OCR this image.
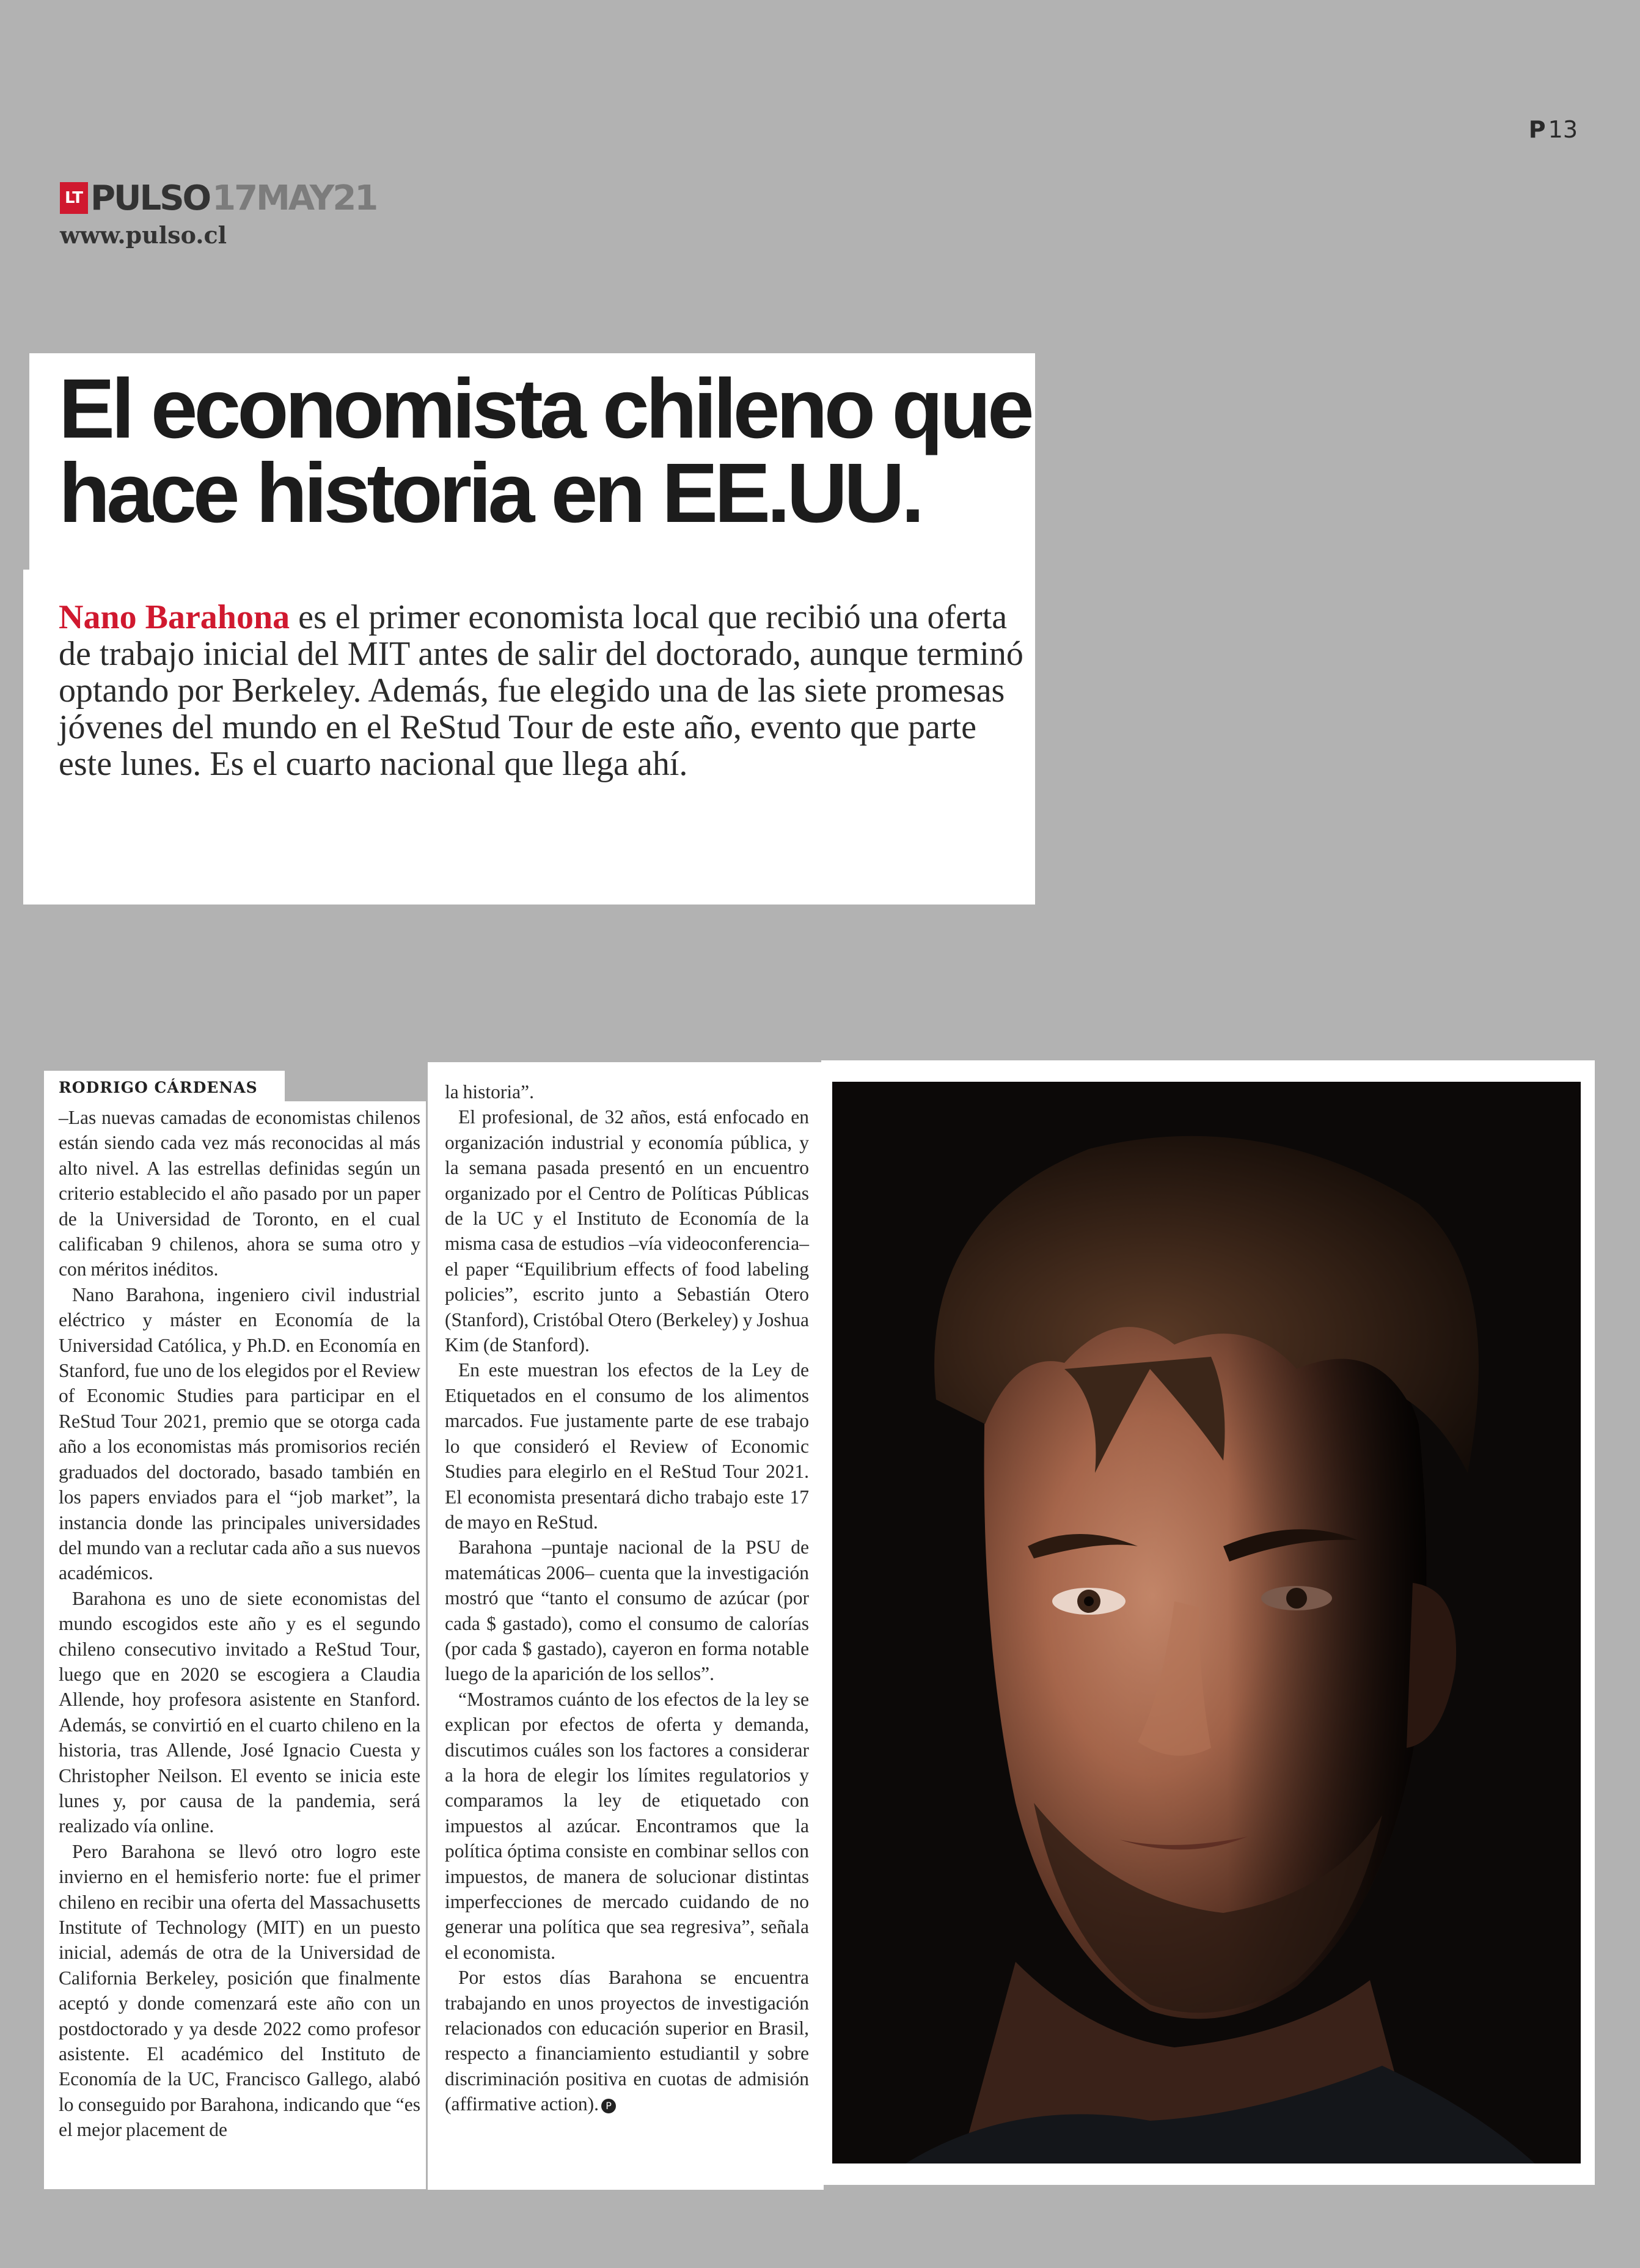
P 13
LT PULSO 17MAY21
www.pulso.cl
El economista chileno que
hace historia en EE.UU.

Nano Barahona es el primer economista local que recibió una oferta de trabajo inicial del MIT antes de salir del doctorado, aunque terminó optando por Berkeley. Además, fue elegido una de las siete promesas jóvenes del mundo en el ReStud Tour de este año, evento que parte este lunes. Es el cuarto nacional que llega ahí.

RODRIGO CÁRDENAS

–Las nuevas camadas de economistas chilenos están siendo cada vez más reconocidas al más alto nivel. A las estrellas definidas según un criterio establecido el año pasado por un paper de la Universidad de Toronto, en el cual calificaban 9 chilenos, ahora se suma otro y con méritos inéditos.

Nano Barahona, ingeniero civil industrial eléctrico y máster en Economía de la Universidad Católica, y Ph.D. en Economía en Stanford, fue uno de los elegidos por el Review of Economic Studies para participar en el ReStud Tour 2021, premio que se otorga cada año a los economistas más promisorios recién graduados del doctorado, basado también en los papers enviados para el “job market”, la instancia donde las principales universidades del mundo van a reclutar cada año a sus nuevos académicos.

Barahona es uno de siete economistas del mundo escogidos este año y es el segundo chileno consecutivo invitado a ReStud Tour, luego que en 2020 se escogiera a Claudia Allende, hoy profesora asistente en Stanford. Además, se convirtió en el cuarto chileno en la historia, tras Allende, José Ignacio Cuesta y Christopher Neilson. El evento se inicia este lunes y, por causa de la pandemia, será realizado vía online.

Pero Barahona se llevó otro logro este invierno en el hemisferio norte: fue el primer chileno en recibir una oferta del Massachusetts Institute of Technology (MIT) en un puesto inicial, además de otra de la Universidad de California Berkeley, posición que finalmente aceptó y donde comenzará este año con un postdoctorado y ya desde 2022 como profesor asistente. El académico del Instituto de Economía de la UC, Francisco Gallego, alabó lo conseguido por Barahona, indicando que “es el mejor placement de

la historia”.

El profesional, de 32 años, está enfocado en organización industrial y economía pública, y la semana pasada presentó en un encuentro organizado por el Centro de Políticas Públicas de la UC y el Instituto de Economía de la misma casa de estudios –vía videoconferencia– el paper “Equilibrium effects of food labeling policies”, escrito junto a Sebastián Otero (Stanford), Cristóbal Otero (Berkeley) y Joshua Kim (de Stanford).

En este muestran los efectos de la Ley de Etiquetados en el consumo de los alimentos marcados. Fue justamente parte de ese trabajo lo que consideró el Review of Economic Studies para elegirlo en el ReStud Tour 2021. El economista presentará dicho trabajo este 17 de mayo en ReStud.

Barahona –puntaje nacional de la PSU de matemáticas 2006– cuenta que la investigación mostró que “tanto el consumo de azúcar (por cada $ gastado), como el consumo de calorías (por cada $ gastado), cayeron en forma notable luego de la aparición de los sellos”.

“Mostramos cuánto de los efectos de la ley se explican por efectos de oferta y demanda, discutimos cuáles son los factores a considerar a la hora de elegir los límites regulatorios y comparamos la ley de etiquetado con impuestos al azúcar. Encontramos que la política óptima consiste en combinar sellos con impuestos, de manera de solucionar distintas imperfecciones de mercado cuidando de no generar una política que sea regresiva”, señala el economista.

Por estos días Barahona se encuentra trabajando en unos proyectos de investigación relacionados con educación superior en Brasil, respecto a financiamiento estudiantil y sobre discriminación positiva en cuotas de admisión (affirmative action). P
